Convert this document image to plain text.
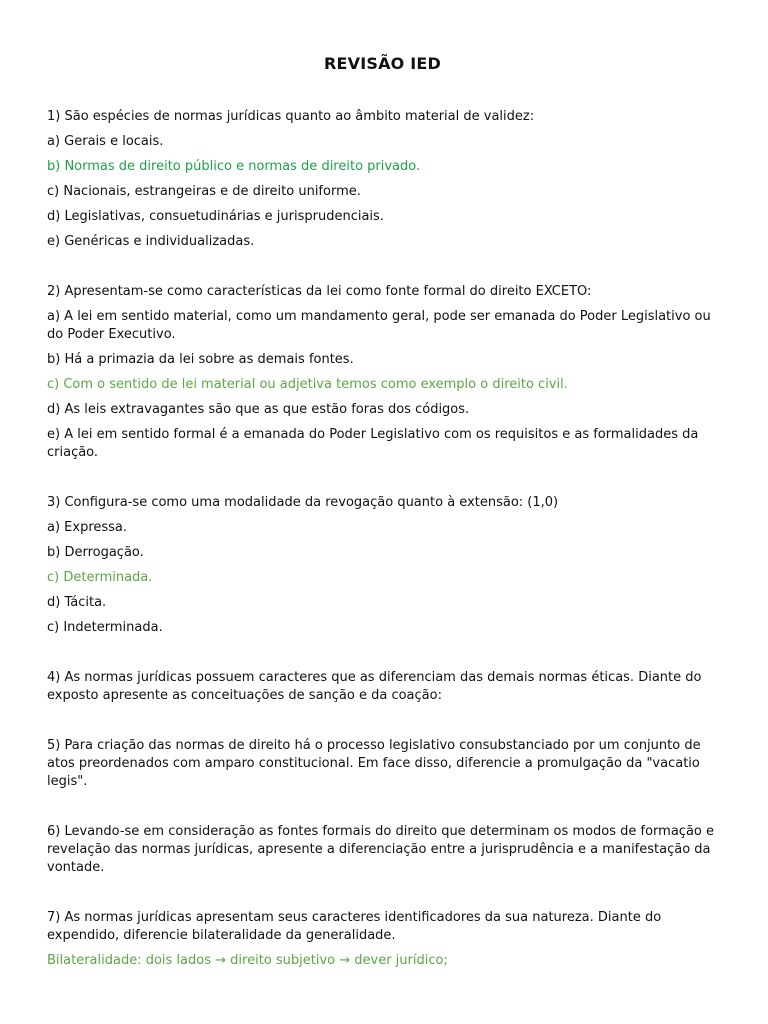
REVISÃO IED

1) São espécies de normas jurídicas quanto ao âmbito material de validez:

a) Gerais e locais.

b) Normas de direito público e normas de direito privado.

c) Nacionais, estrangeiras e de direito uniforme.

d) Legislativas, consuetudinárias e jurisprudenciais.

e) Genéricas e individualizadas.

2) Apresentam-se como características da lei como fonte formal do direito EXCETO:

a) A lei em sentido material, como um mandamento geral, pode ser emanada do Poder Legislativo ou do Poder Executivo.

b) Há a primazia da lei sobre as demais fontes.

c) Com o sentido de lei material ou adjetiva temos como exemplo o direito civil.

d) As leis extravagantes são que as que estão foras dos códigos.

e) A lei em sentido formal é a emanada do Poder Legislativo com os requisitos e as formalidades da criação.

3) Configura-se como uma modalidade da revogação quanto à extensão: (1,0)

a) Expressa.

b) Derrogação.

c) Determinada.

d) Tácita.

c) Indeterminada.

4) As normas jurídicas possuem caracteres que as diferenciam das demais normas éticas. Diante do exposto apresente as conceituações de sanção e da coação:

5) Para criação das normas de direito há o processo legislativo consubstanciado por um conjunto de atos preordenados com amparo constitucional. Em face disso, diferencie a promulgação da "vacatio legis".

6) Levando-se em consideração as fontes formais do direito que determinam os modos de formação e revelação das normas jurídicas, apresente a diferenciação entre a jurisprudência e a manifestação da vontade.

7) As normas jurídicas apresentam seus caracteres identificadores da sua natureza. Diante do expendido, diferencie bilateralidade da generalidade.

Bilateralidade: dois lados → direito subjetivo → dever jurídico;
